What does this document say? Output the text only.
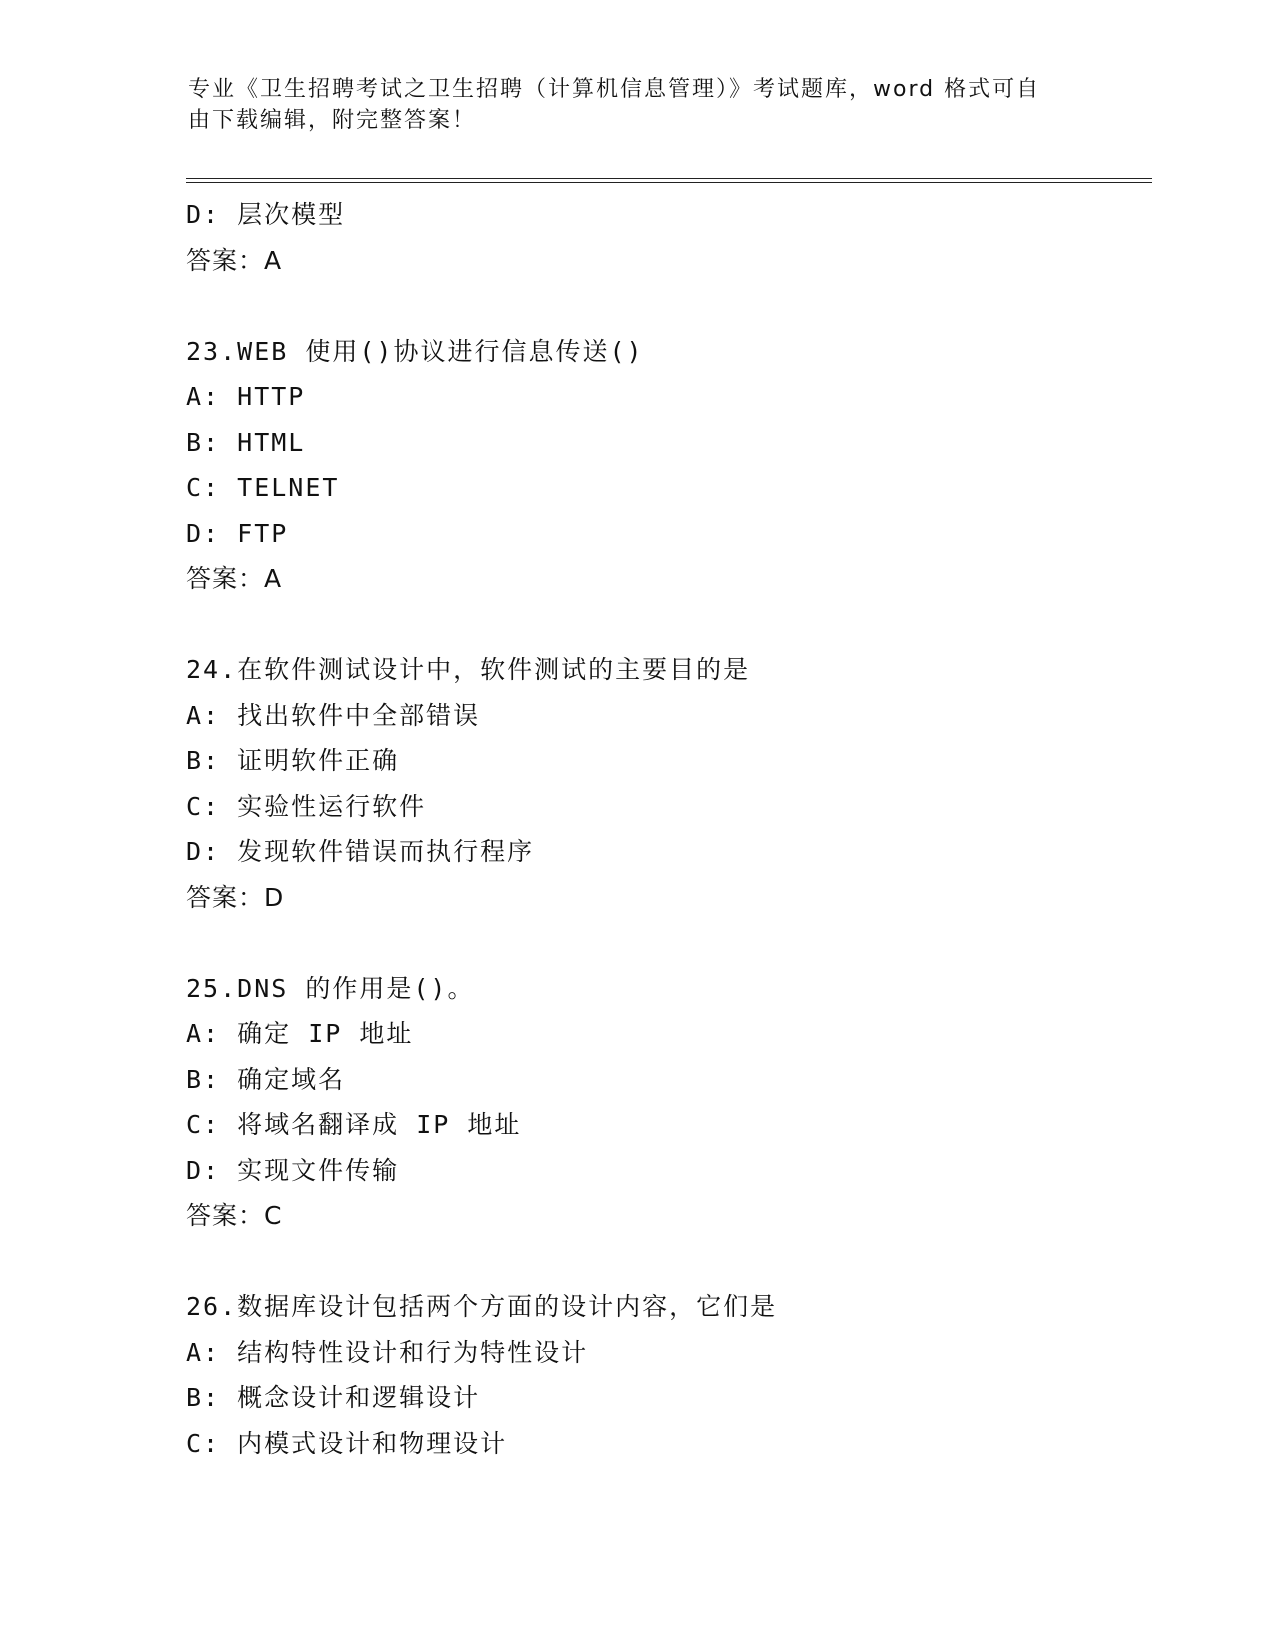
专业《卫生招聘考试之卫生招聘（计算机信息管理）》考试题库，word 格式可自
由下载编辑，附完整答案！
D: 层次模型
答案：A
23.WEB 使用()协议进行信息传送()
A: HTTP
B: HTML
C: TELNET
D: FTP
答案：A
24.在软件测试设计中，软件测试的主要目的是
A: 找出软件中全部错误
B: 证明软件正确
C: 实验性运行软件
D: 发现软件错误而执行程序
答案：D
25.DNS 的作用是()。
A: 确定 IP 地址
B: 确定域名
C: 将域名翻译成 IP 地址
D: 实现文件传输
答案：C
26.数据库设计包括两个方面的设计内容，它们是
A: 结构特性设计和行为特性设计
B: 概念设计和逻辑设计
C: 内模式设计和物理设计
